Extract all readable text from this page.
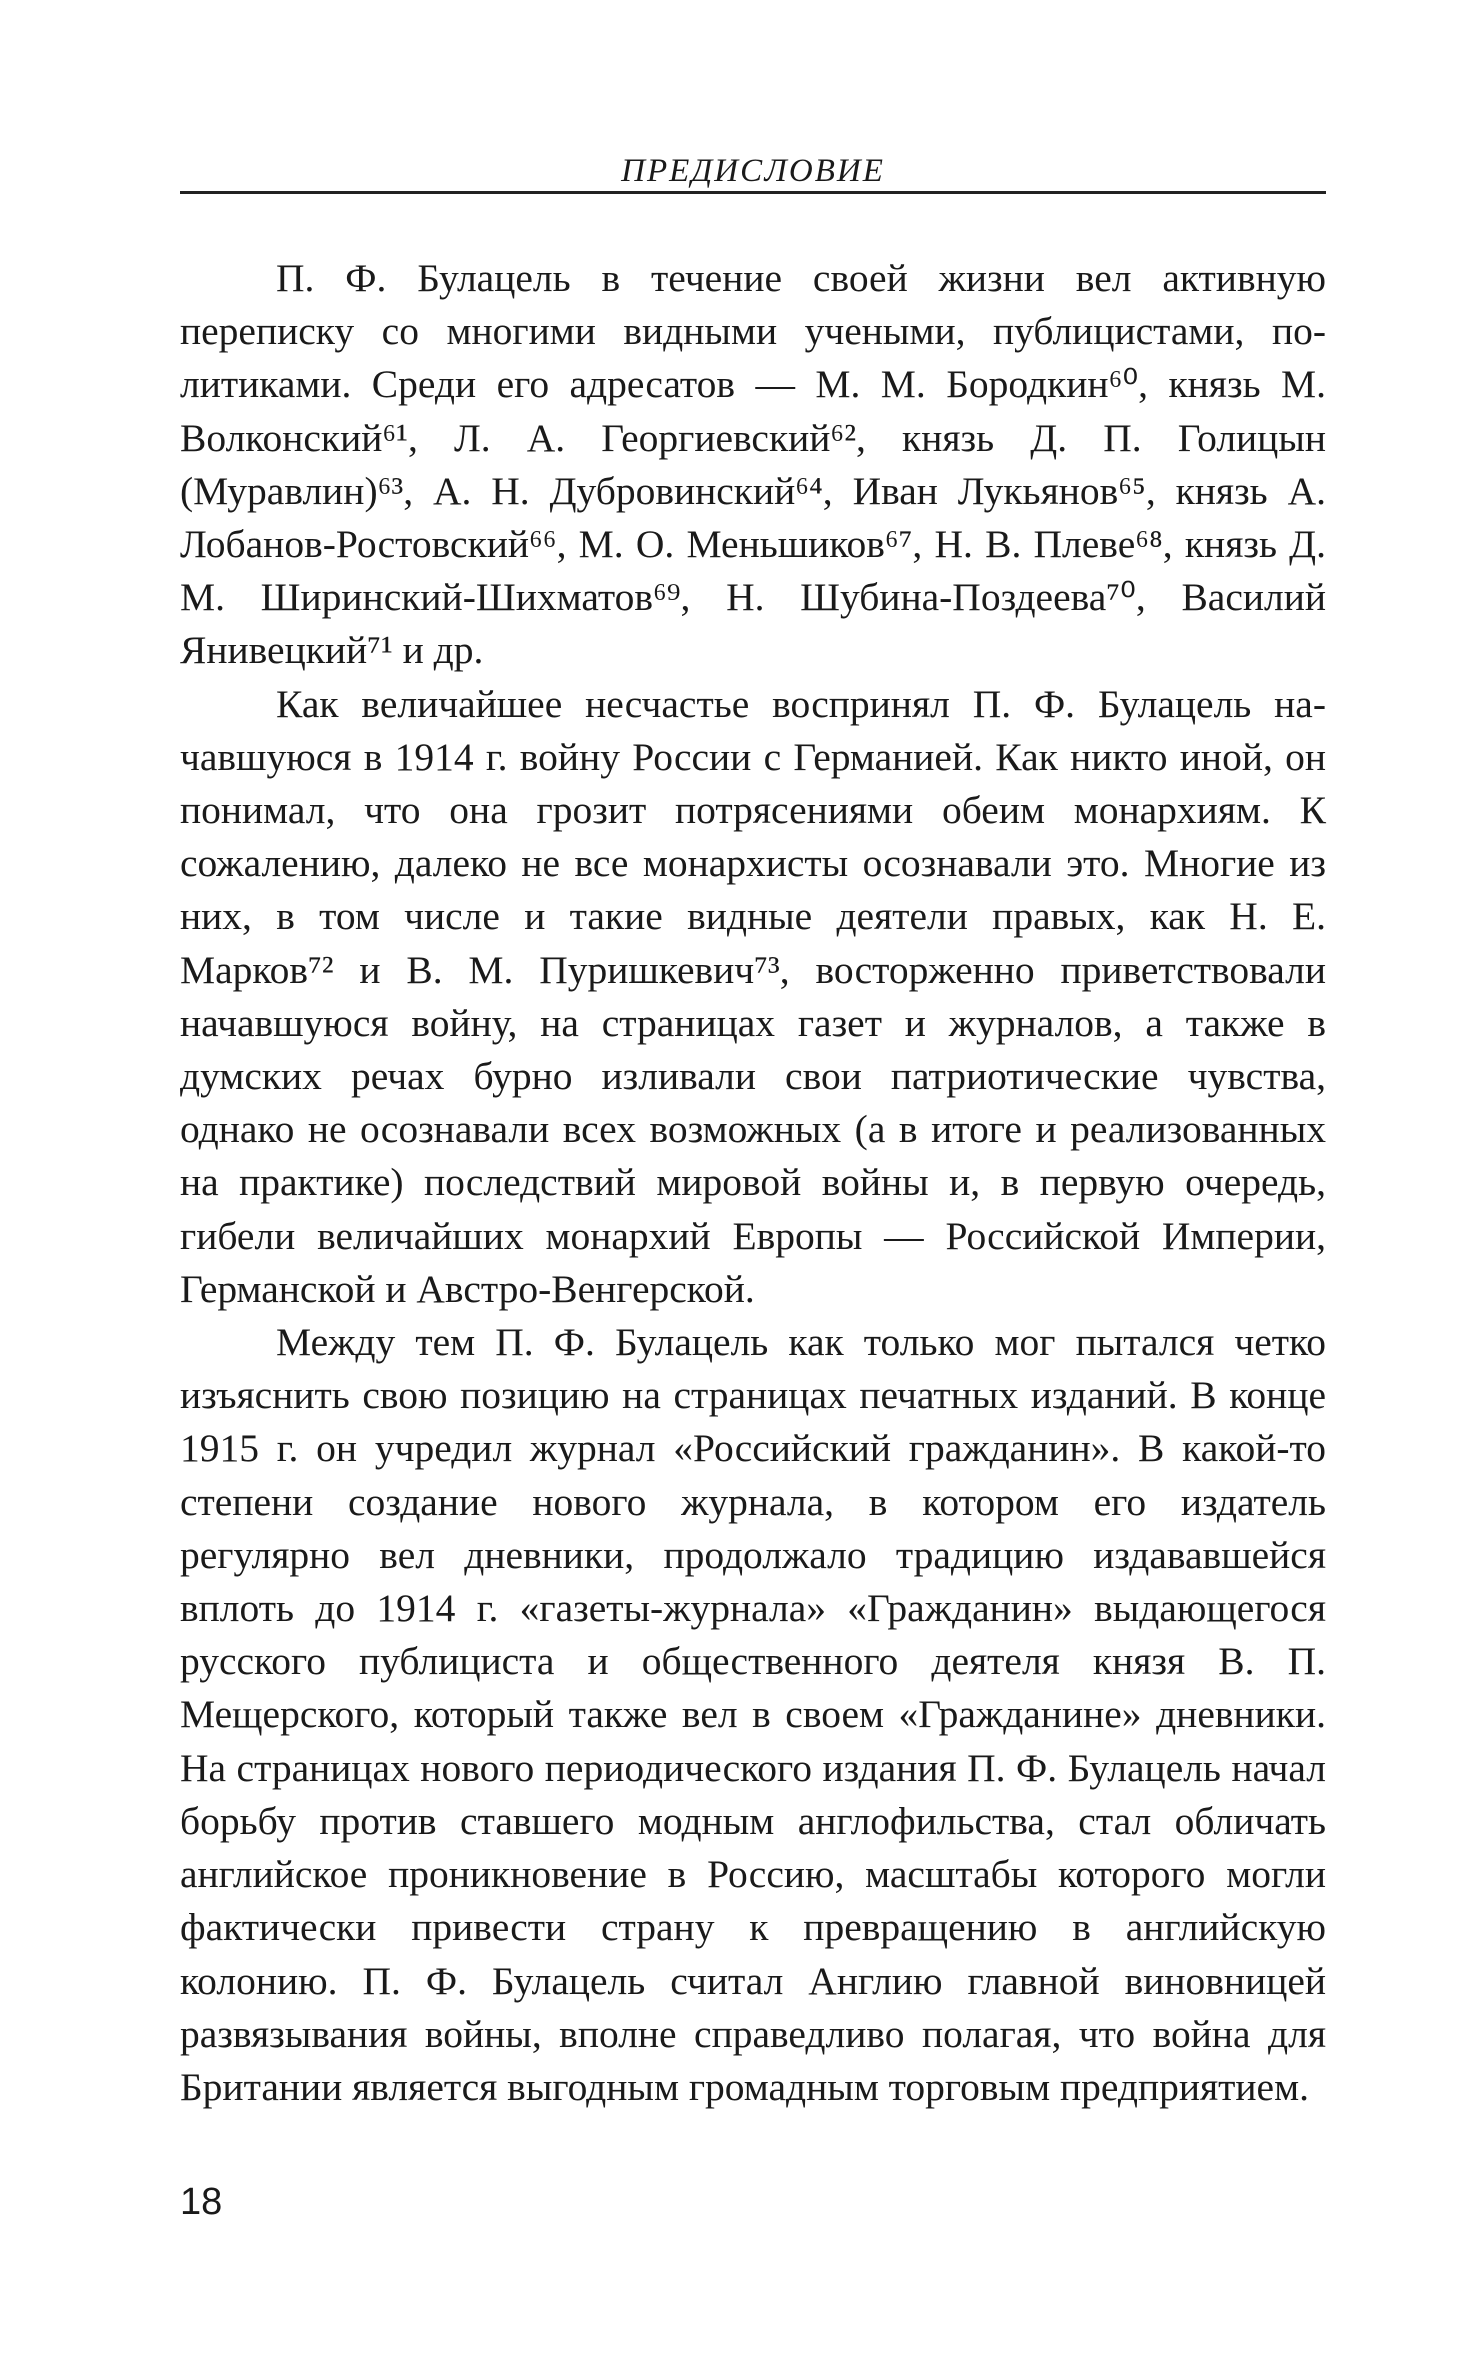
ПРЕДИСЛОВИЕ

П. Ф. Булацель в течение своей жизни вел активную переписку со многими видными учеными, публицистами, политиками. Среди его адресатов — М. М. Бородкин⁶⁰, князь М. Волконский⁶¹, Л. А. Георгиевский⁶², князь Д. П. Голицын (Муравлин)⁶³, А. Н. Дубровинский⁶⁴, Иван Лукьянов⁶⁵, князь А. Лобанов-Ростовский⁶⁶, М. О. Меньшиков⁶⁷, Н. В. Плеве⁶⁸, князь Д. М. Ширинский-Шихматов⁶⁹, Н. Шубина-Поздеева⁷⁰, Василий Янивецкий⁷¹ и др.

Как величайшее несчастье воспринял П. Ф. Булацель начавшуюся в 1914 г. войну России с Германией. Как никто иной, он понимал, что она грозит потрясениями обеим монархиям. К сожалению, далеко не все монархисты осознавали это. Многие из них, в том числе и такие видные деятели правых, как Н. Е. Марков⁷² и В. М. Пуришкевич⁷³, восторженно приветствовали начавшуюся войну, на страницах газет и журналов, а также в думских речах бурно изливали свои патриотические чувства, однако не осознавали всех возможных (а в итоге и реализованных на практике) последствий мировой войны и, в первую очередь, гибели величайших монархий Европы — Российской Империи, Германской и Австро-Венгерской.

Между тем П. Ф. Булацель как только мог пытался четко изъяснить свою позицию на страницах печатных изданий. В конце 1915 г. он учредил журнал «Российский гражданин». В какой-то степени создание нового журнала, в котором его издатель регулярно вел дневники, продолжало традицию издававшейся вплоть до 1914 г. «газеты-журнала» «Гражданин» выдающегося русского публициста и общественного деятеля князя В. П. Мещерского, который также вел в своем «Гражданине» дневники. На страницах нового периодического издания П. Ф. Булацель начал борьбу против ставшего модным англофильства, стал обличать английское проникновение в Россию, масштабы которого могли фактически привести страну к превращению в английскую колонию. П. Ф. Булацель считал Англию главной виновницей развязывания войны, вполне справедливо полагая, что война для Британии является выгодным громадным торговым предприятием.

18
